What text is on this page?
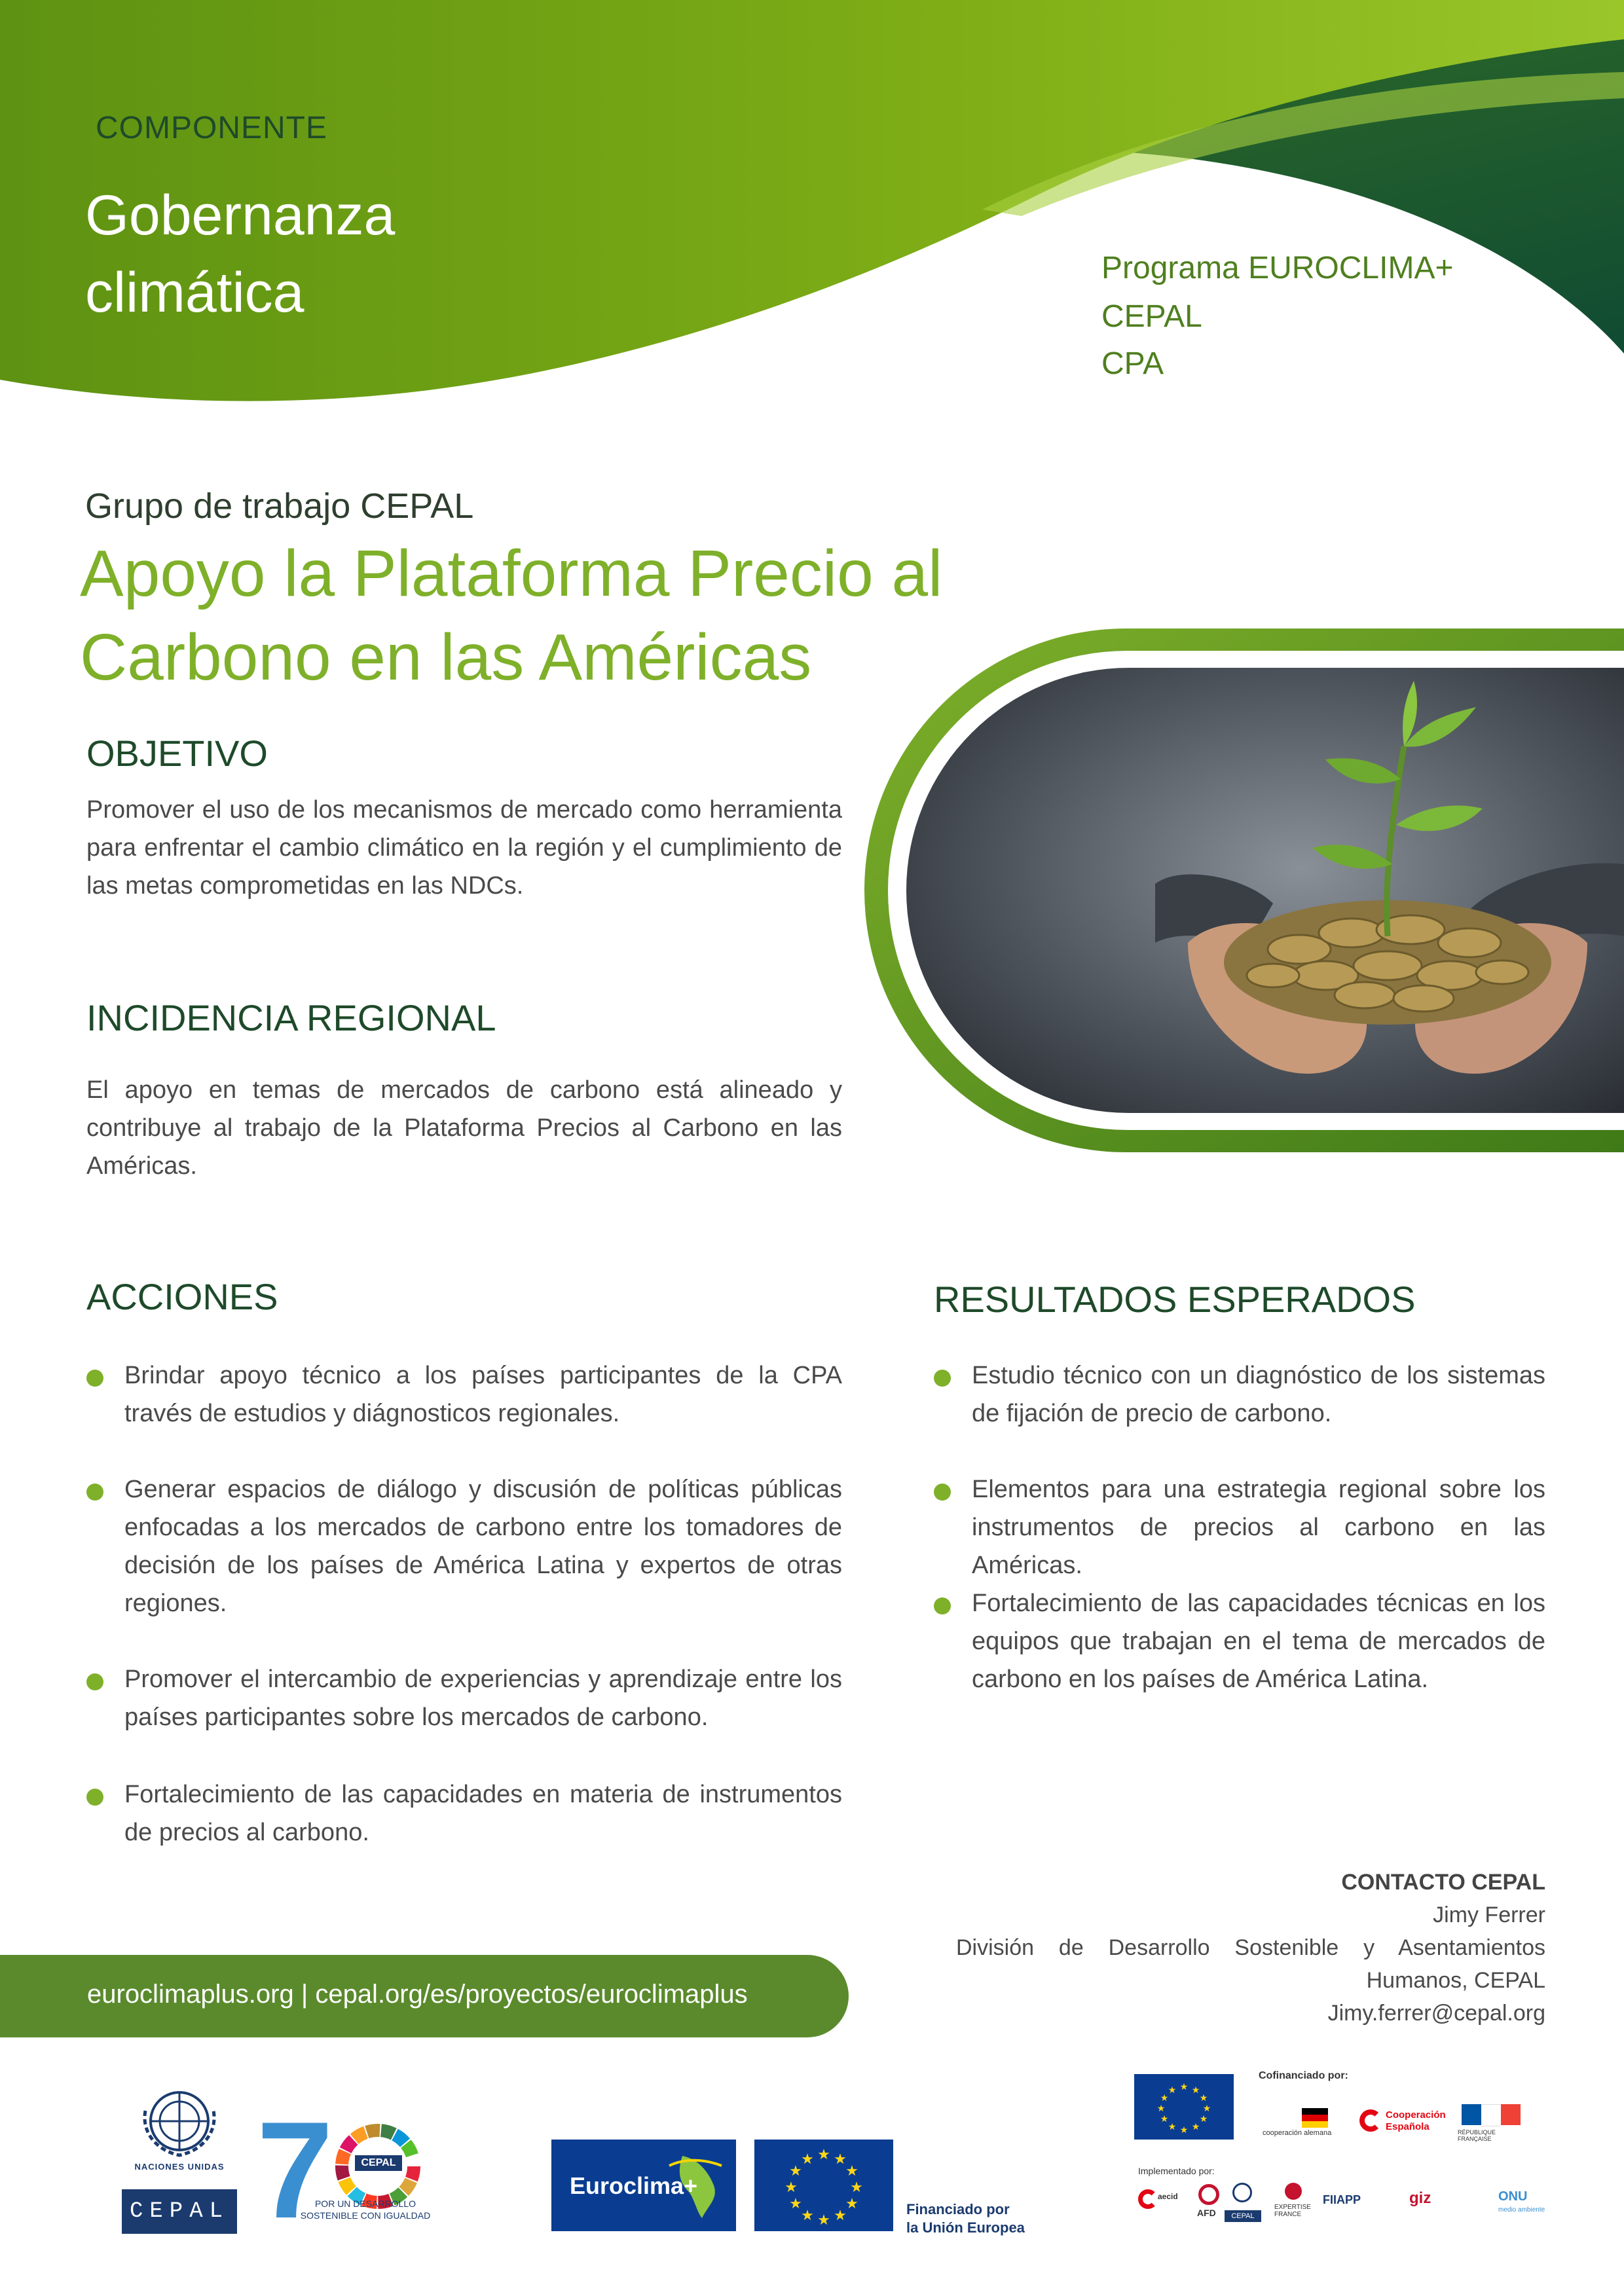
COMPONENTE
Gobernanza climática	Programa EUROCLIMA+
CEPAL
CPA
Grupo de trabajo CEPAL
Apoyo la Plataforma Precio al Carbono en las Américas
OBJETIVO
Promover el uso de los mecanismos de mercado como herramienta para enfrentar el cambio climático en la región y el cumplimiento de las metas comprometidas en las NDCs.
INCIDENCIA REGIONAL
El apoyo en temas de mercados de carbono está alineado y contribuye al trabajo de la Plataforma Precios al Carbono en las Américas.
ACCIONES
Brindar apoyo técnico a los países participantes de la CPA través de estudios y diágnosticos regionales.
Generar espacios de diálogo y discusión de políticas públicas enfocadas a los mercados de carbono entre los tomadores de decisión de los países de América Latina y expertos de otras regiones.
Promover el intercambio de experiencias y aprendizaje entre los países participantes sobre los mercados de carbono.
Fortalecimiento de las capacidades en materia de instrumentos de precios al carbono.
RESULTADOS ESPERADOS
Estudio técnico con un diagnóstico de los sistemas de fijación de precio de carbono.
Elementos para una estrategia regional sobre los instrumentos de precios al carbono en las Américas.
Fortalecimiento de las capacidades técnicas en los equipos que trabajan en el tema de mercados de carbono en los países de América Latina.
CONTACTO CEPAL
Jimy Ferrer
División de Desarrollo Sostenible y Asentamientos Humanos, CEPAL
Jimy.ferrer@cepal.org
euroclimaplus.org | cepal.org/es/proyectos/euroclimaplus
NACIONES UNIDAS
CEPAL 7	CEPAL
POR UN DESARROLLO
SOSTENIBLE CON IGUALDAD
Euroclima+
★ ★
★
★
★
★
★
★
★
★
★
★
Financiado por
la Unión Europea
Cofinanciado por:
★ ★
★
★
★
★
★
★
★
★
★
★
cooperación alemana
Cooperación
Española	RÉPUBLIQUE FRANÇAISE
Implementado por:
aecid
AFD	CEPAL
EXPERTISE FRANCE
FIIAPP	giz	ONU
medio ambiente
